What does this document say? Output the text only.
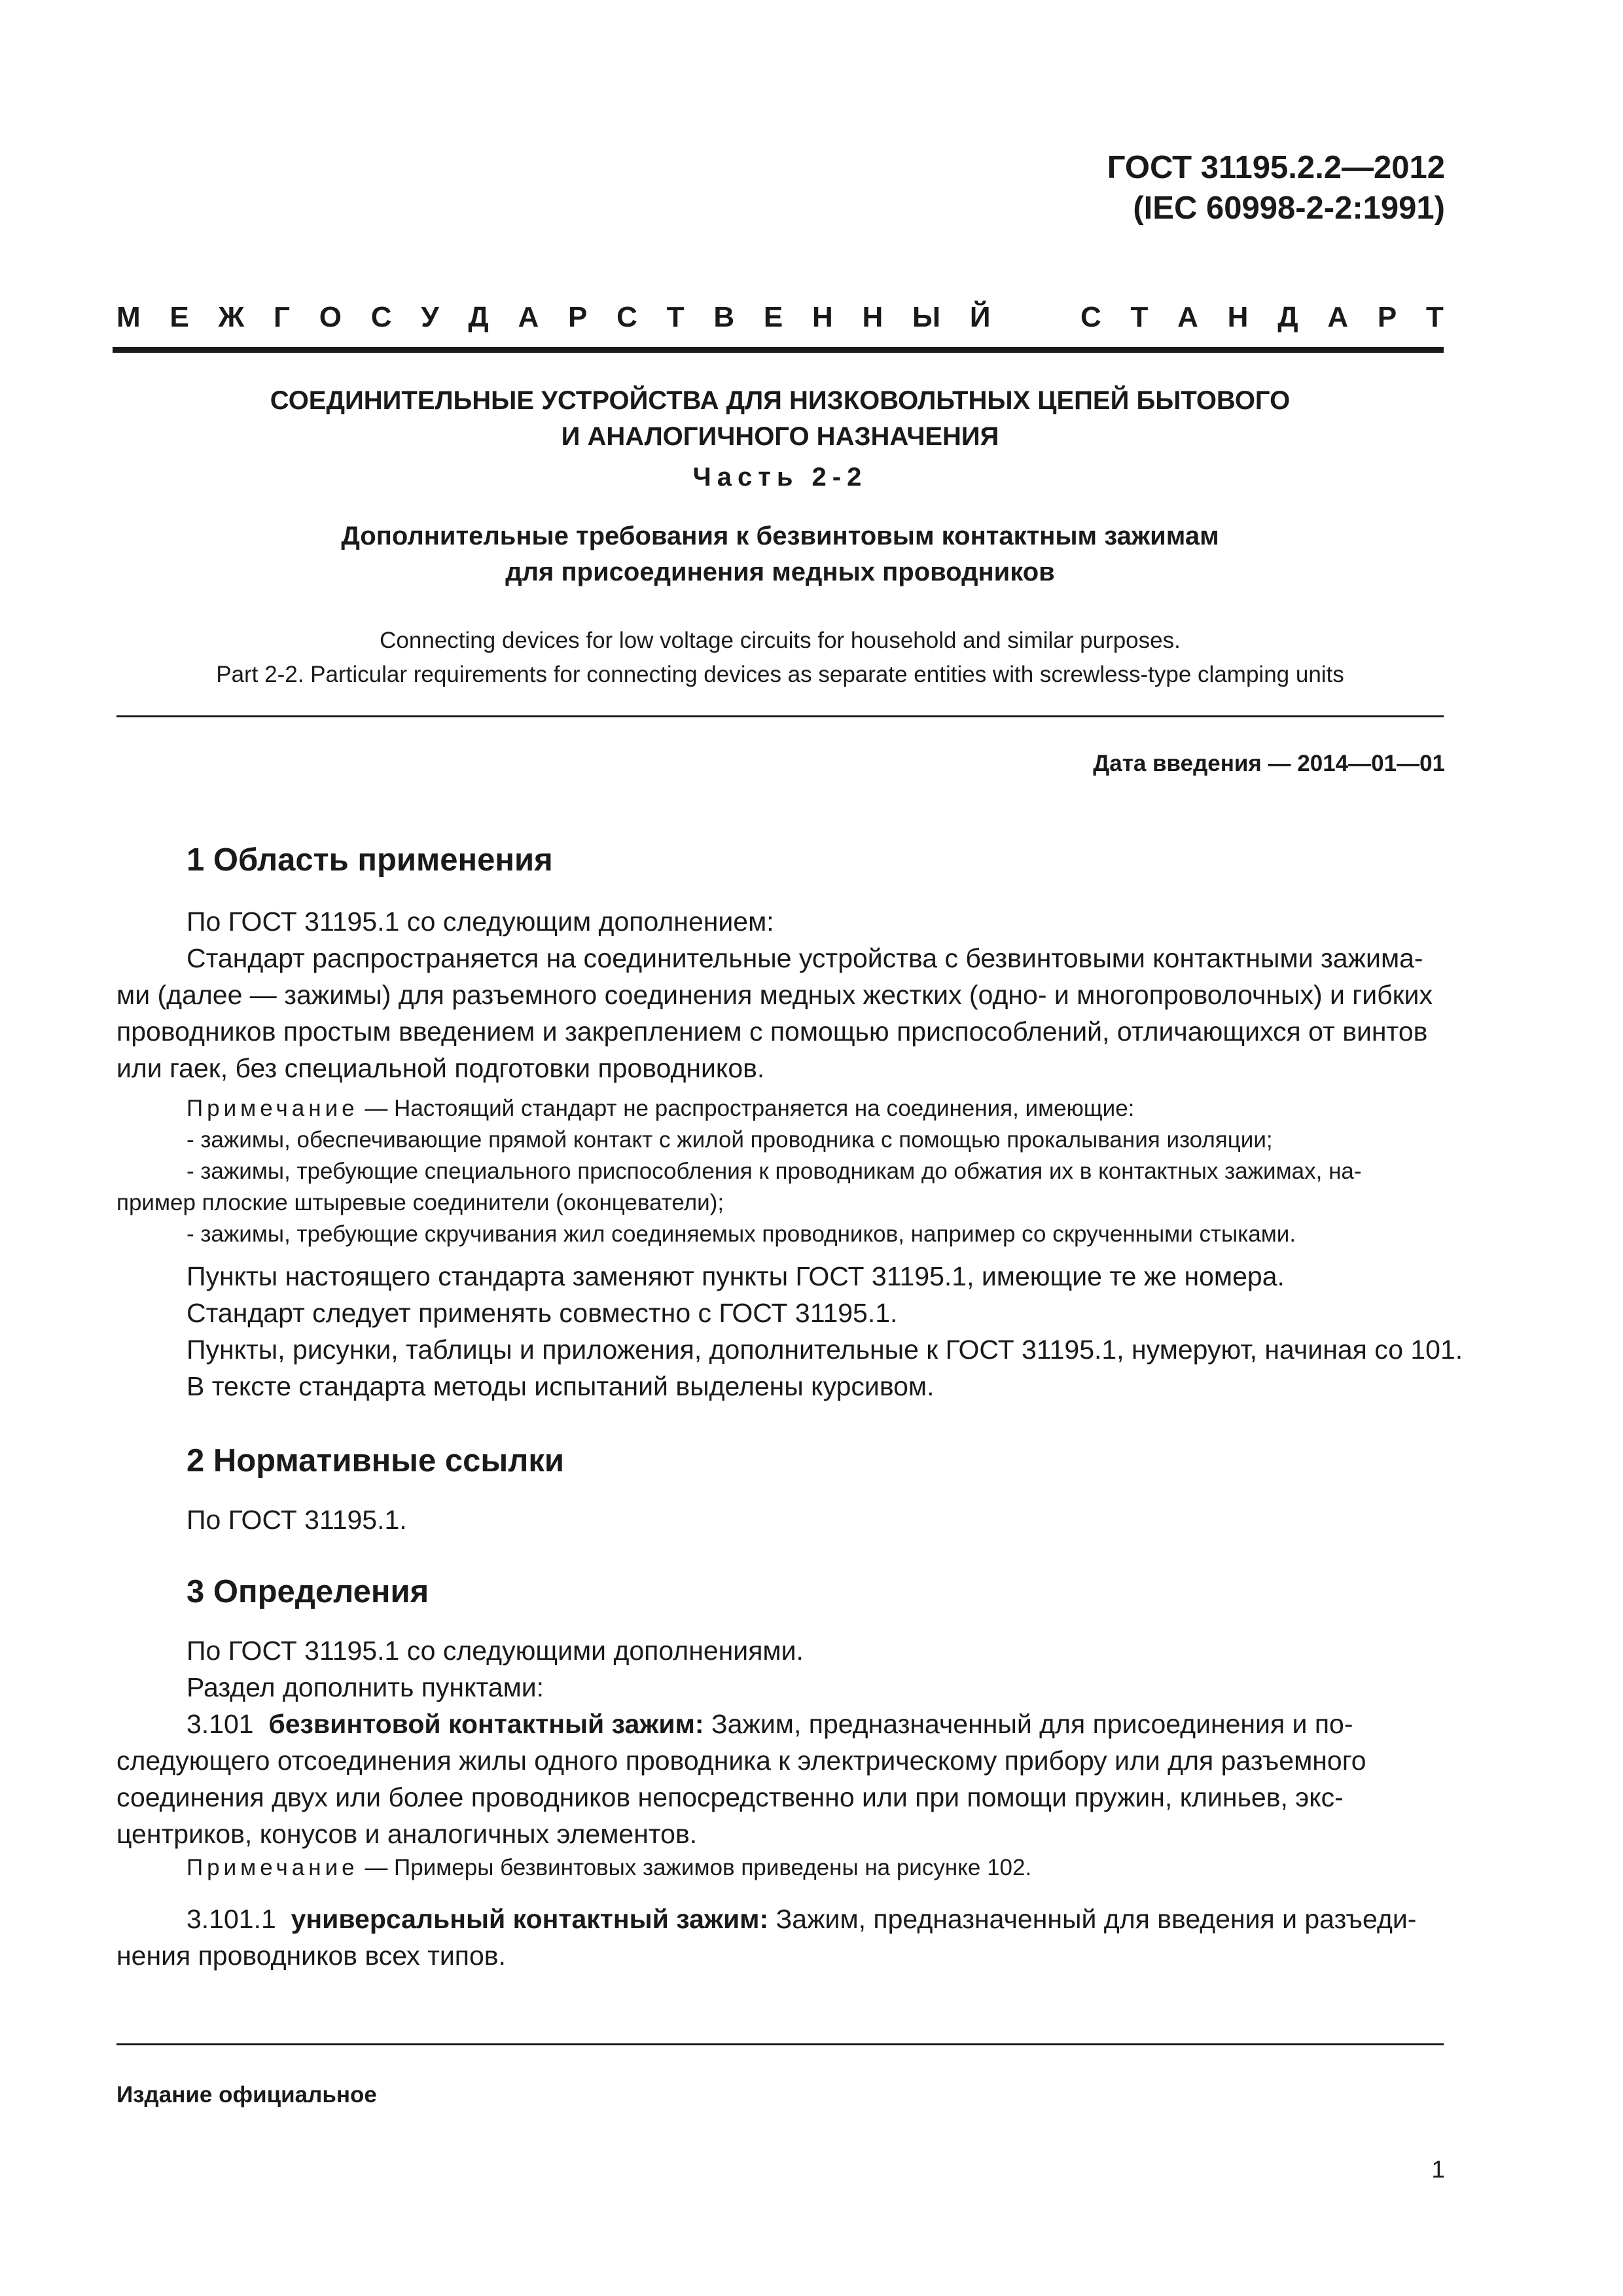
ГОСТ 31195.2.2—2012
(IEC 60998-2-2:1991)
М Е Ж Г О С У Д А Р С Т В Е Н Н Ы Й	С Т А Н Д А Р Т
СОЕДИНИТЕЛЬНЫЕ УСТРОЙСТВА ДЛЯ НИЗКОВОЛЬТНЫХ ЦЕПЕЙ БЫТОВОГО
И АНАЛОГИЧНОГО НАЗНАЧЕНИЯ
Часть 2-2
Дополнительные требования к безвинтовым контактным зажимам
для присоединения медных проводников
Connecting devices for low voltage circuits for household and similar purposes.
Part 2-2. Particular requirements for connecting devices as separate entities with screwless-type clamping units
Дата введения — 2014—01—01
1 Область применения
По ГОСТ 31195.1 со следующим дополнением:
Стандарт распространяется на соединительные устройства с безвинтовыми контактными зажима-
ми (далее — зажимы) для разъемного соединения медных жестких (одно- и многопроволочных) и гибких
проводников простым введением и закреплением с помощью приспособлений, отличающихся от винтов
или гаек, без специальной подготовки проводников.
Примечание — Настоящий стандарт не распространяется на соединения, имеющие:
- зажимы, обеспечивающие прямой контакт с жилой проводника с помощью прокалывания изоляции;
- зажимы, требующие специального приспособления к проводникам до обжатия их в контактных зажимах, на-
пример плоские штыревые соединители (оконцеватели);
- зажимы, требующие скручивания жил соединяемых проводников, например со скрученными стыками.
Пункты настоящего стандарта заменяют пункты ГОСТ 31195.1, имеющие те же номера.
Стандарт следует применять совместно с ГОСТ 31195.1.
Пункты, рисунки, таблицы и приложения, дополнительные к ГОСТ 31195.1, нумеруют, начиная со 101.
В тексте стандарта методы испытаний выделены курсивом.
2 Нормативные ссылки
По ГОСТ 31195.1.
3 Определения
По ГОСТ 31195.1 со следующими дополнениями.
Раздел дополнить пунктами:
3.101 безвинтовой контактный зажим: Зажим, предназначенный для присоединения и по-
следующего отсоединения жилы одного проводника к электрическому прибору или для разъемного
соединения двух или более проводников непосредственно или при помощи пружин, клиньев, экс-
центриков, конусов и аналогичных элементов.
Примечание — Примеры безвинтовых зажимов приведены на рисунке 102.
3.101.1 универсальный контактный зажим: Зажим, предназначенный для введения и разъеди-
нения проводников всех типов.
Издание официальное
1
